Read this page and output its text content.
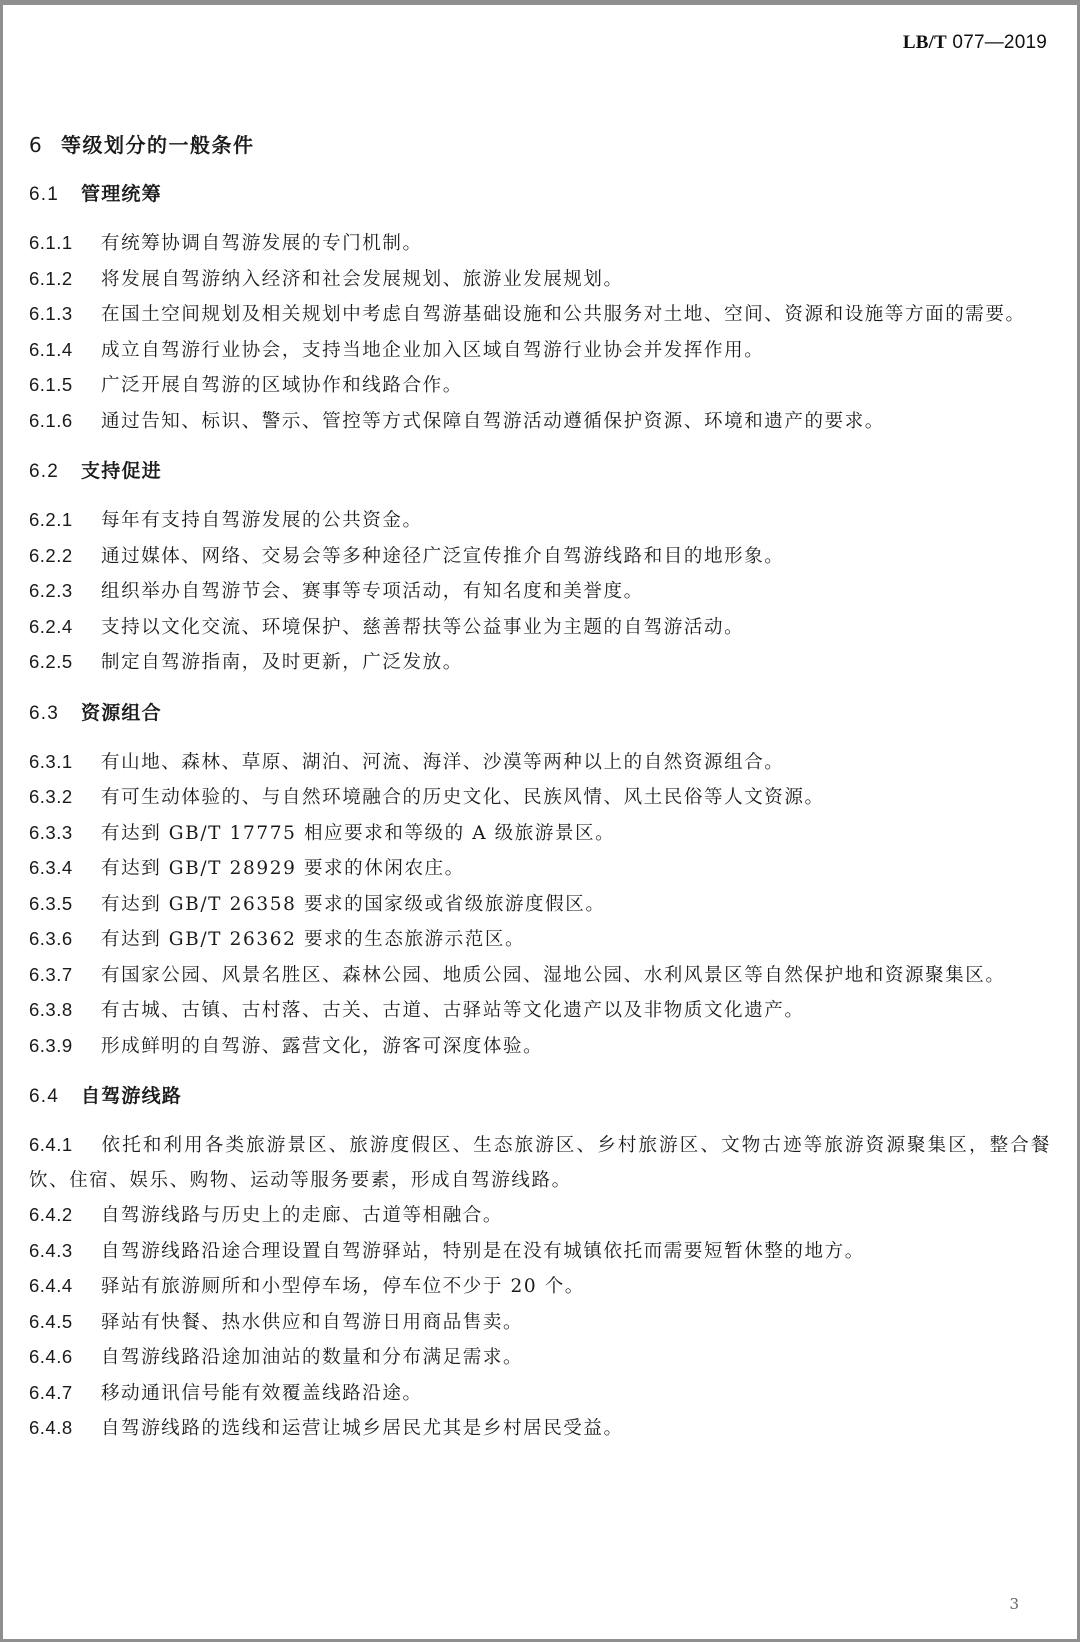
LB/T 077—2019
6 等级划分的一般条件
6.1 管理统筹
6.1.1 有统筹协调自驾游发展的专门机制。
6.1.2 将发展自驾游纳入经济和社会发展规划、旅游业发展规划。
6.1.3 在国土空间规划及相关规划中考虑自驾游基础设施和公共服务对土地、空间、资源和设施等方面的需要。
6.1.4 成立自驾游行业协会，支持当地企业加入区域自驾游行业协会并发挥作用。
6.1.5 广泛开展自驾游的区域协作和线路合作。
6.1.6 通过告知、标识、警示、管控等方式保障自驾游活动遵循保护资源、环境和遗产的要求。
6.2 支持促进
6.2.1 每年有支持自驾游发展的公共资金。
6.2.2 通过媒体、网络、交易会等多种途径广泛宣传推介自驾游线路和目的地形象。
6.2.3 组织举办自驾游节会、赛事等专项活动，有知名度和美誉度。
6.2.4 支持以文化交流、环境保护、慈善帮扶等公益事业为主题的自驾游活动。
6.2.5 制定自驾游指南，及时更新，广泛发放。
6.3 资源组合
6.3.1 有山地、森林、草原、湖泊、河流、海洋、沙漠等两种以上的自然资源组合。
6.3.2 有可生动体验的、与自然环境融合的历史文化、民族风情、风土民俗等人文资源。
6.3.3 有达到 GB/T 17775 相应要求和等级的 A 级旅游景区。
6.3.4 有达到 GB/T 28929 要求的休闲农庄。
6.3.5 有达到 GB/T 26358 要求的国家级或省级旅游度假区。
6.3.6 有达到 GB/T 26362 要求的生态旅游示范区。
6.3.7 有国家公园、风景名胜区、森林公园、地质公园、湿地公园、水利风景区等自然保护地和资源聚集区。
6.3.8 有古城、古镇、古村落、古关、古道、古驿站等文化遗产以及非物质文化遗产。
6.3.9 形成鲜明的自驾游、露营文化，游客可深度体验。
6.4 自驾游线路
6.4.1 依托和利用各类旅游景区、旅游度假区、生态旅游区、乡村旅游区、文物古迹等旅游资源聚集区，整合餐饮、住宿、娱乐、购物、运动等服务要素，形成自驾游线路。
6.4.2 自驾游线路与历史上的走廊、古道等相融合。
6.4.3 自驾游线路沿途合理设置自驾游驿站，特别是在没有城镇依托而需要短暂休整的地方。
6.4.4 驿站有旅游厕所和小型停车场，停车位不少于 20 个。
6.4.5 驿站有快餐、热水供应和自驾游日用商品售卖。
6.4.6 自驾游线路沿途加油站的数量和分布满足需求。
6.4.7 移动通讯信号能有效覆盖线路沿途。
6.4.8 自驾游线路的选线和运营让城乡居民尤其是乡村居民受益。
3
